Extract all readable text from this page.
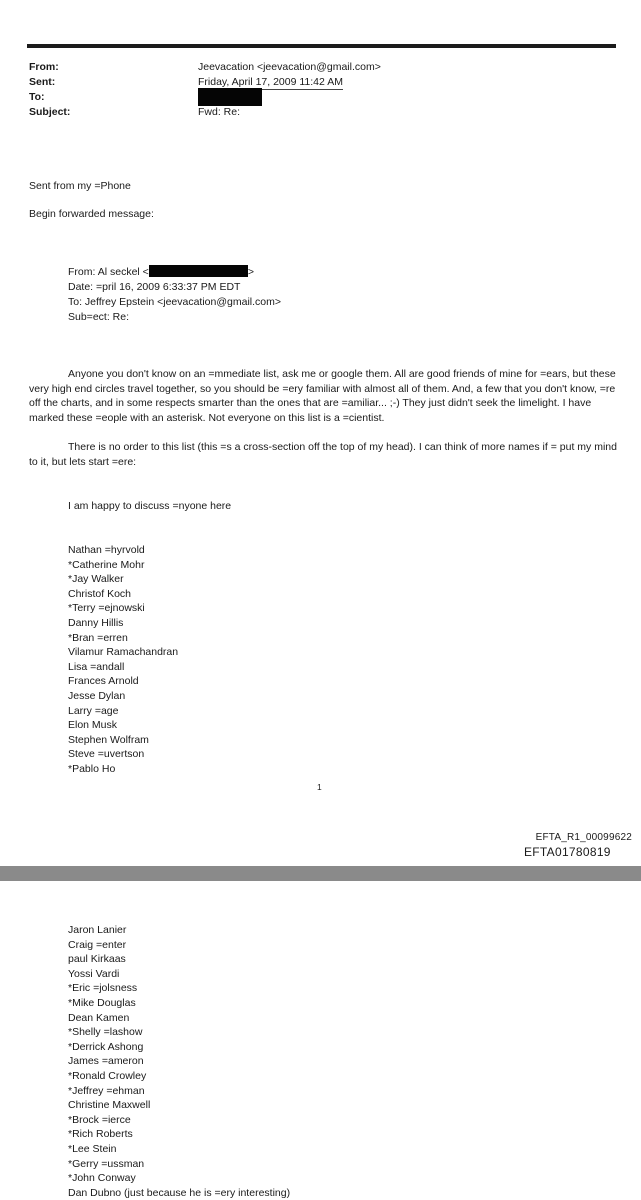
From:	Jeevacation <jeevacation@gmail.com>
Sent:	Friday, April 17, 2009 11:42 AM
To:
Subject:	Fwd: Re:
Sent from my =Phone
Begin forwarded message:
From: Al seckel <	>
Date: =pril 16, 2009 6:33:37 PM EDT
To: Jeffrey Epstein <jeevacation@gmail.com>
Sub=ect: Re:
Anyone you don't know on an =mmediate list, ask me or google them. All are good friends of mine for =ears, but these very high end circles travel together, so you should be =ery familiar with almost all of them. And, a few that you don't know, =re off the charts, and in some respects smarter than the ones that are =amiliar... ;-) They just didn't seek the limelight. I have marked these =eople with an asterisk. Not everyone on this list is a =cientist.
There is no order to this list (this =s a cross-section off the top of my head). I can think of more names if = put my mind to it, but lets start =ere:
I am happy to discuss =nyone here
Nathan =hyrvold
*Catherine Mohr
*Jay Walker
Christof Koch
*Terry =ejnowski
Danny Hillis
*Bran =erren
Vilamur Ramachandran
Lisa =andall
Frances Arnold
Jesse Dylan
Larry =age
Elon Musk
Stephen Wolfram
Steve =uvertson
*Pablo Ho
1
EFTA_R1_00099622
EFTA01780819
Jaron Lanier
Craig =enter
paul Kirkaas
Yossi Vardi
*Eric =jolsness
*Mike Douglas
Dean Kamen
*Shelly =lashow
*Derrick Ashong
James =ameron
*Ronald Crowley
*Jeffrey =ehman
Christine Maxwell
*Brock =ierce
*Rich Roberts
*Lee Stein
*Gerry =ussman
*John Conway
Dan Dubno (just because he is =ery interesting)
